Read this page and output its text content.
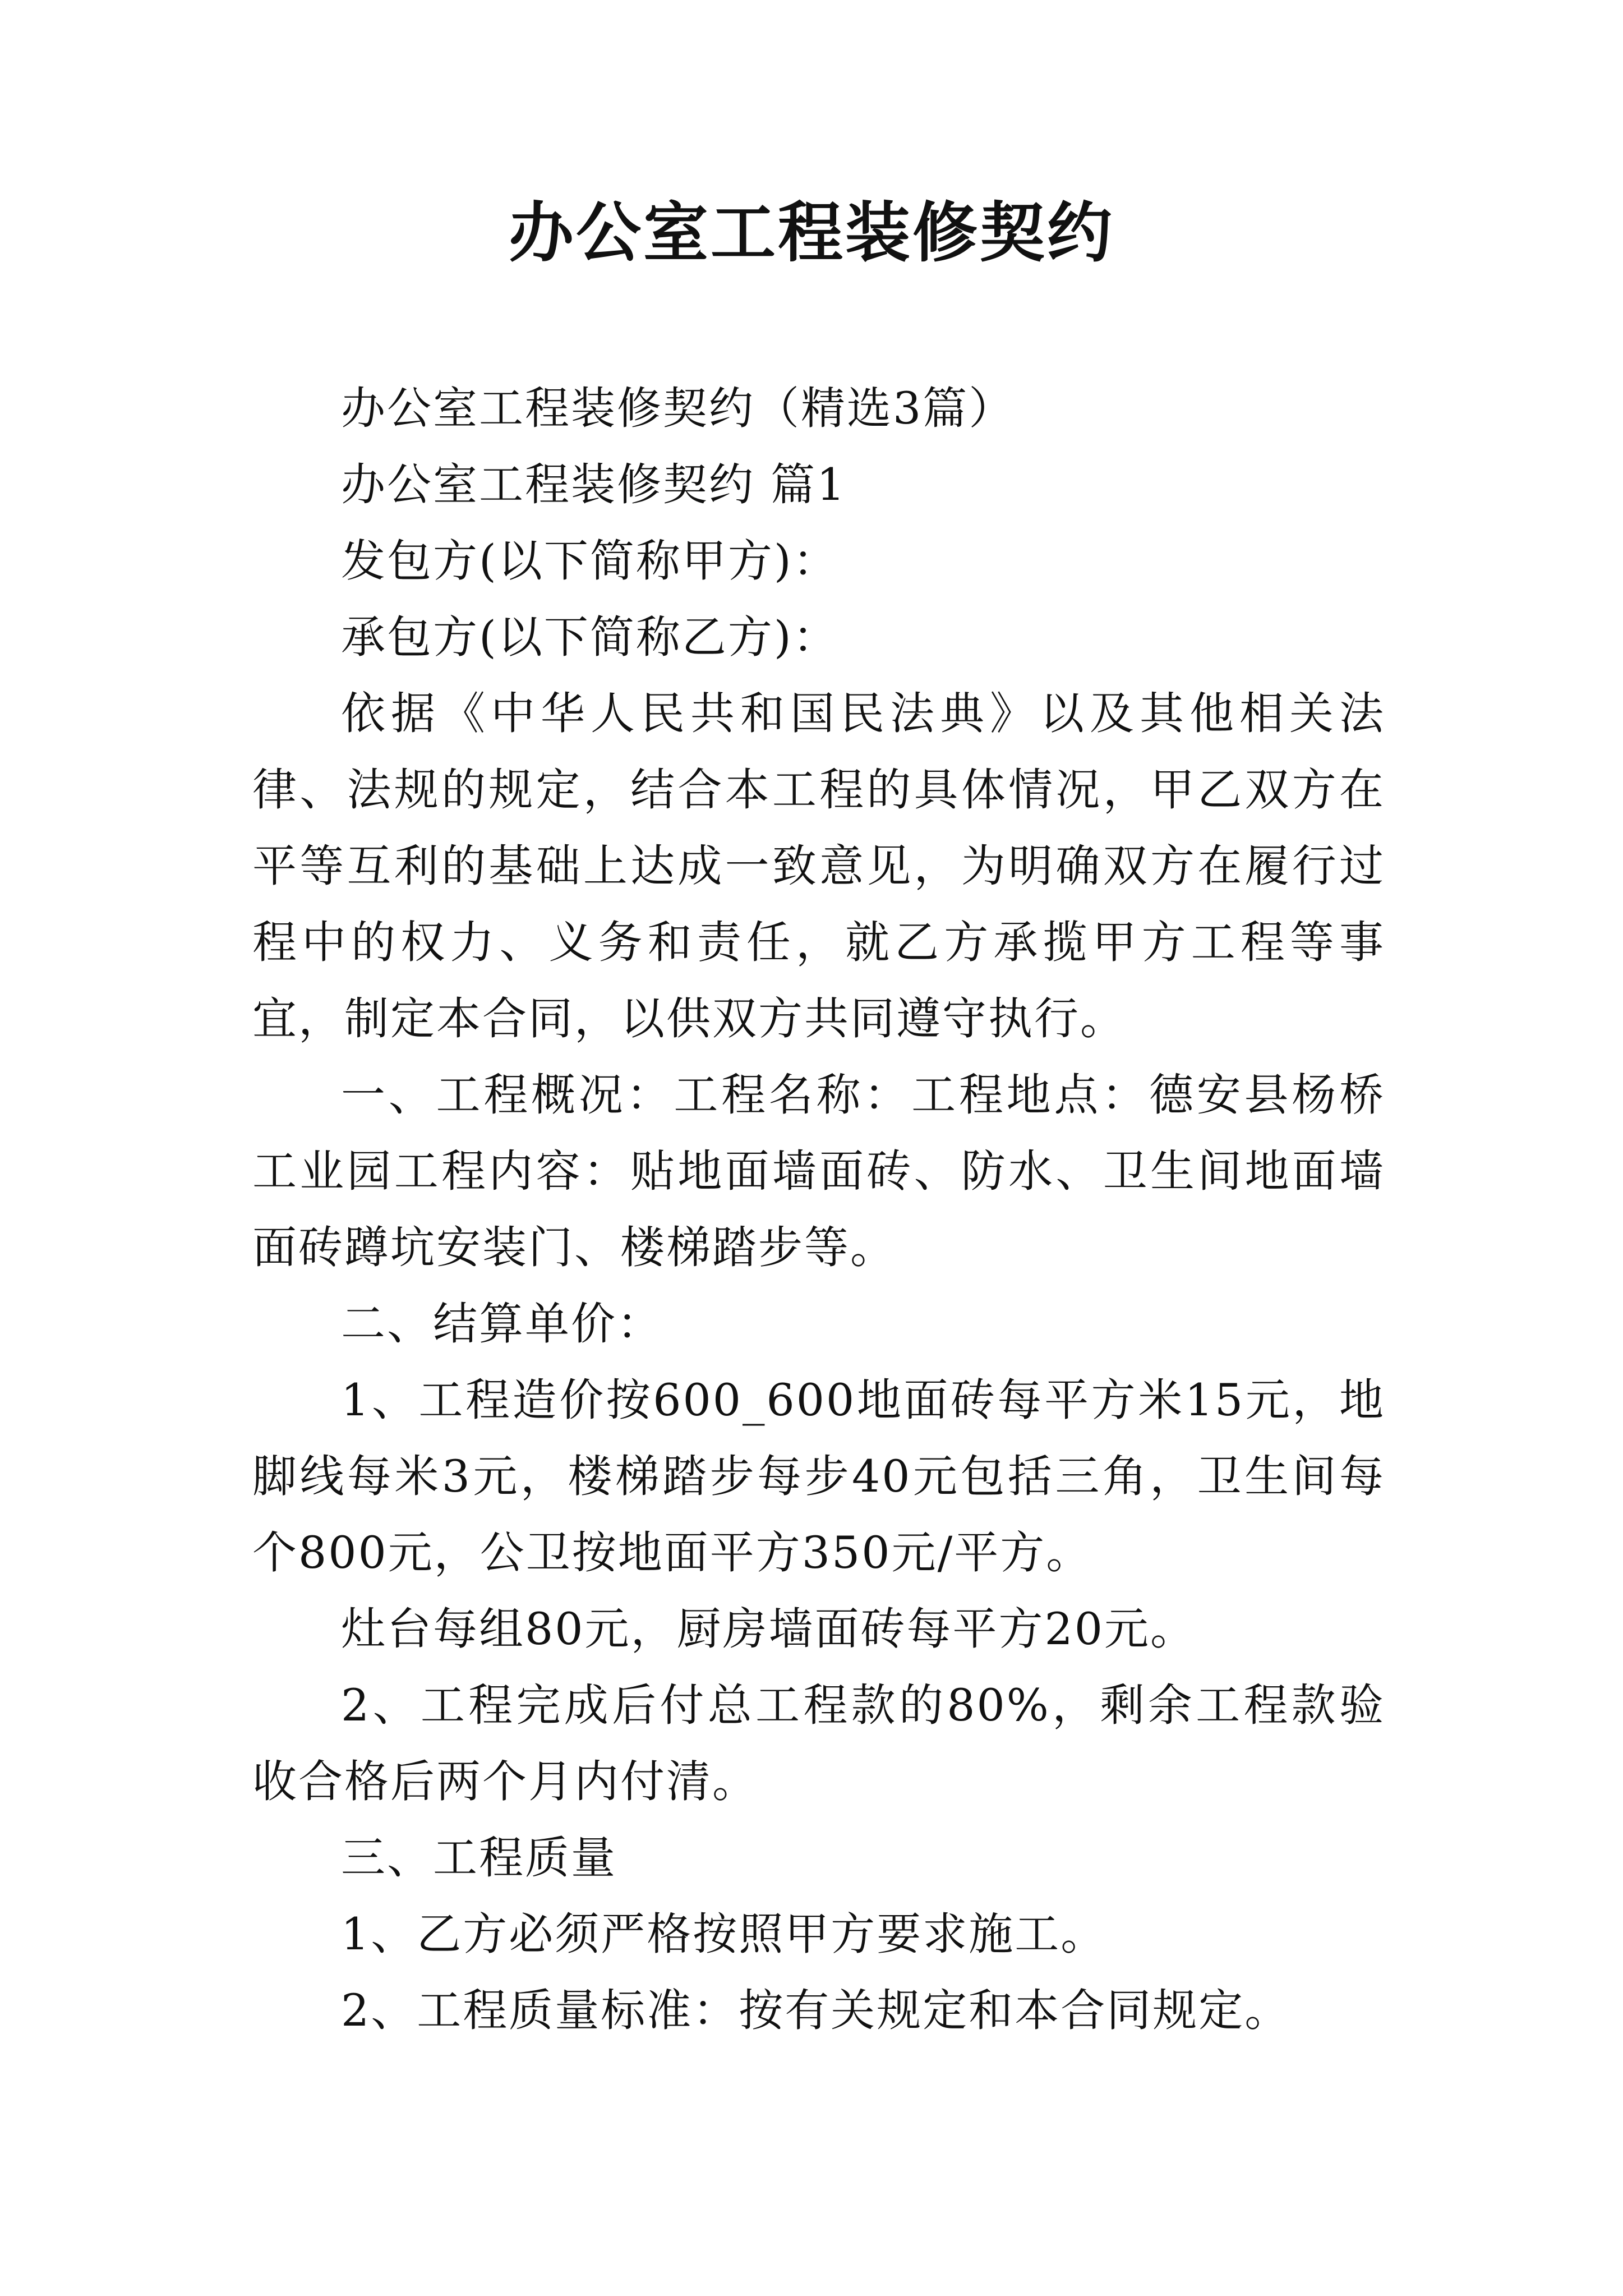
办公室工程装修契约

办公室工程装修契约（精选3篇）

办公室工程装修契约 篇1

发包方(以下简称甲方)：

承包方(以下简称乙方)：

依据《中华人民共和国民法典》以及其他相关法律、法规的规定，结合本工程的具体情况，甲乙双方在平等互利的基础上达成一致意见，为明确双方在履行过程中的权力、义务和责任，就乙方承揽甲方工程等事宜，制定本合同，以供双方共同遵守执行。

一、工程概况：工程名称：工程地点：德安县杨桥工业园工程内容：贴地面墙面砖、防水、卫生间地面墙面砖蹲坑安装门、楼梯踏步等。

二、结算单价：

1、工程造价按600_600地面砖每平方米15元，地脚线每米3元，楼梯踏步每步40元包括三角，卫生间每个800元，公卫按地面平方350元/平方。

灶台每组80元，厨房墙面砖每平方20元。

2、工程完成后付总工程款的80%，剩余工程款验收合格后两个月内付清。

三、工程质量

1、乙方必须严格按照甲方要求施工。

2、工程质量标准：按有关规定和本合同规定。
